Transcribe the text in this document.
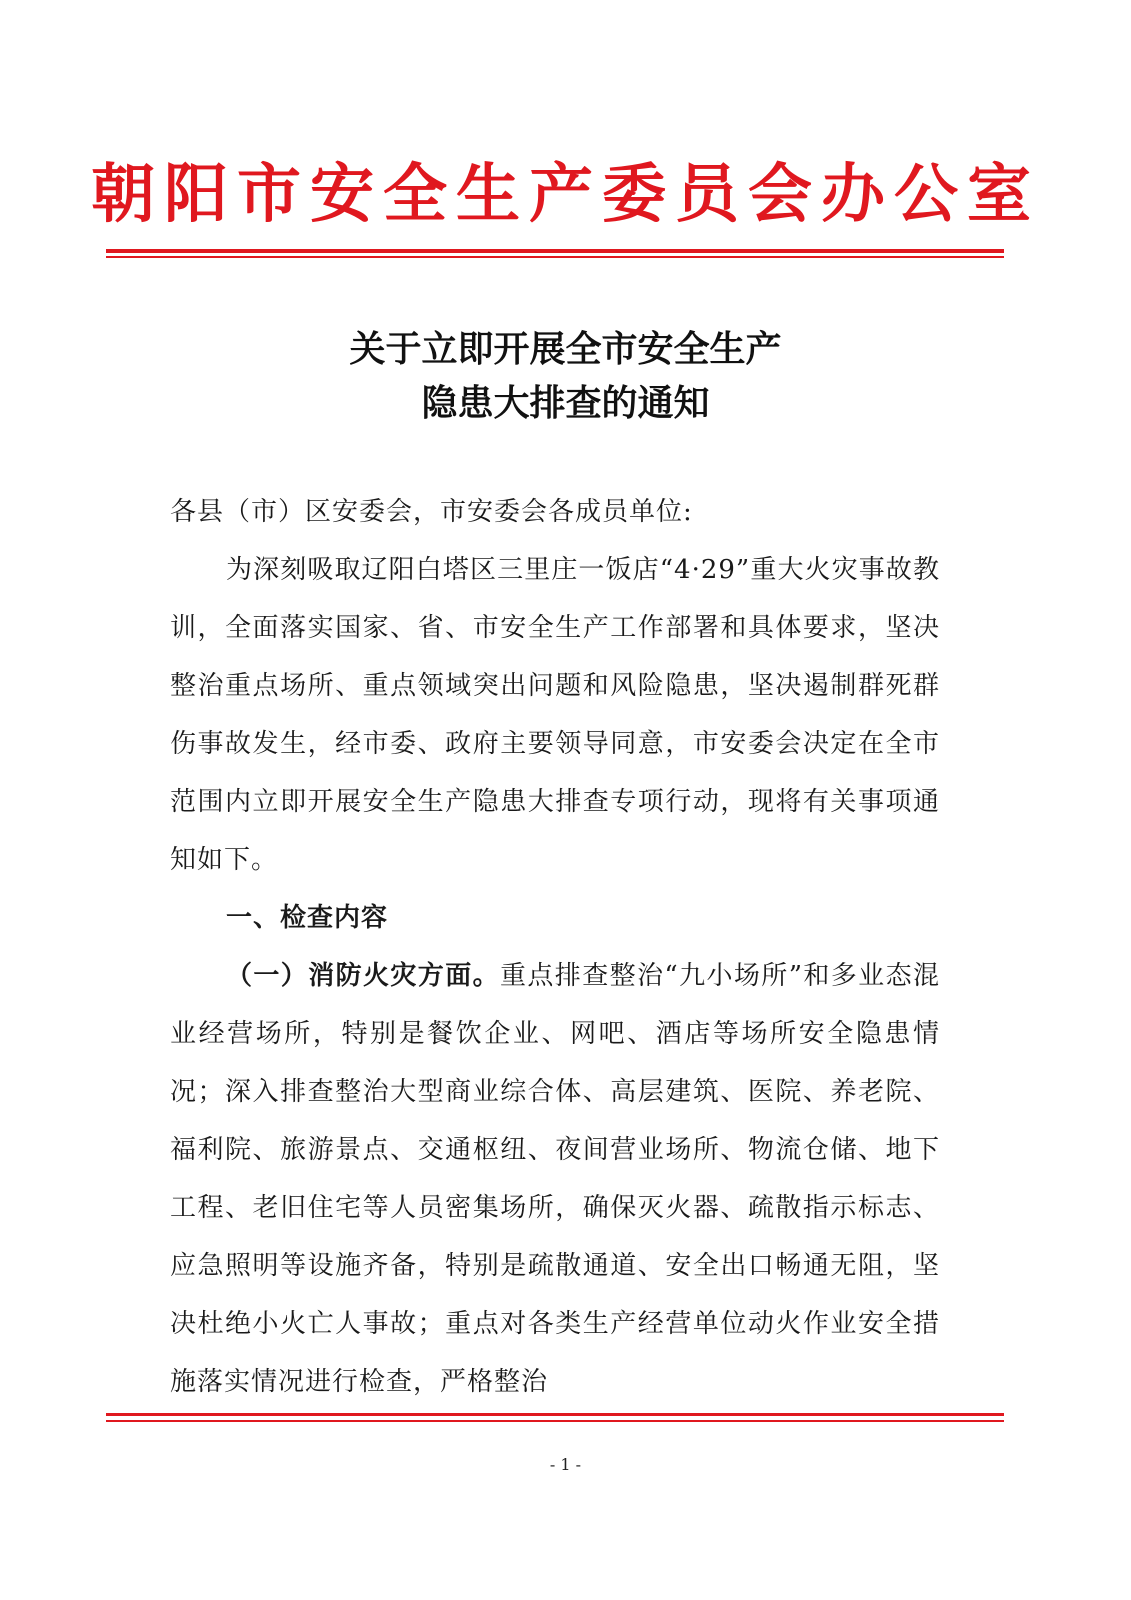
朝阳市安全生产委员会办公室
关于立即开展全市安全生产
隐患大排查的通知

各县（市）区安委会，市安委会各成员单位:

为深刻吸取辽阳白塔区三里庄一饭店“4·29”重大火灾事故教训，全面落实国家、省、市安全生产工作部署和具体要求，坚决整治重点场所、重点领域突出问题和风险隐患，坚决遏制群死群伤事故发生，经市委、政府主要领导同意，市安委会决定在全市范围内立即开展安全生产隐患大排查专项行动，现将有关事项通知如下。

一、检查内容

（一）消防火灾方面。重点排查整治“九小场所”和多业态混业经营场所，特别是餐饮企业、网吧、酒店等场所安全隐患情况；深入排查整治大型商业综合体、高层建筑、医院、养老院、福利院、旅游景点、交通枢纽、夜间营业场所、物流仓储、地下工程、老旧住宅等人员密集场所，确保灭火器、疏散指示标志、应急照明等设施齐备，特别是疏散通道、安全出口畅通无阻，坚决杜绝小火亡人事故；重点对各类生产经营单位动火作业安全措施落实情况进行检查，严格整治

- 1 -
